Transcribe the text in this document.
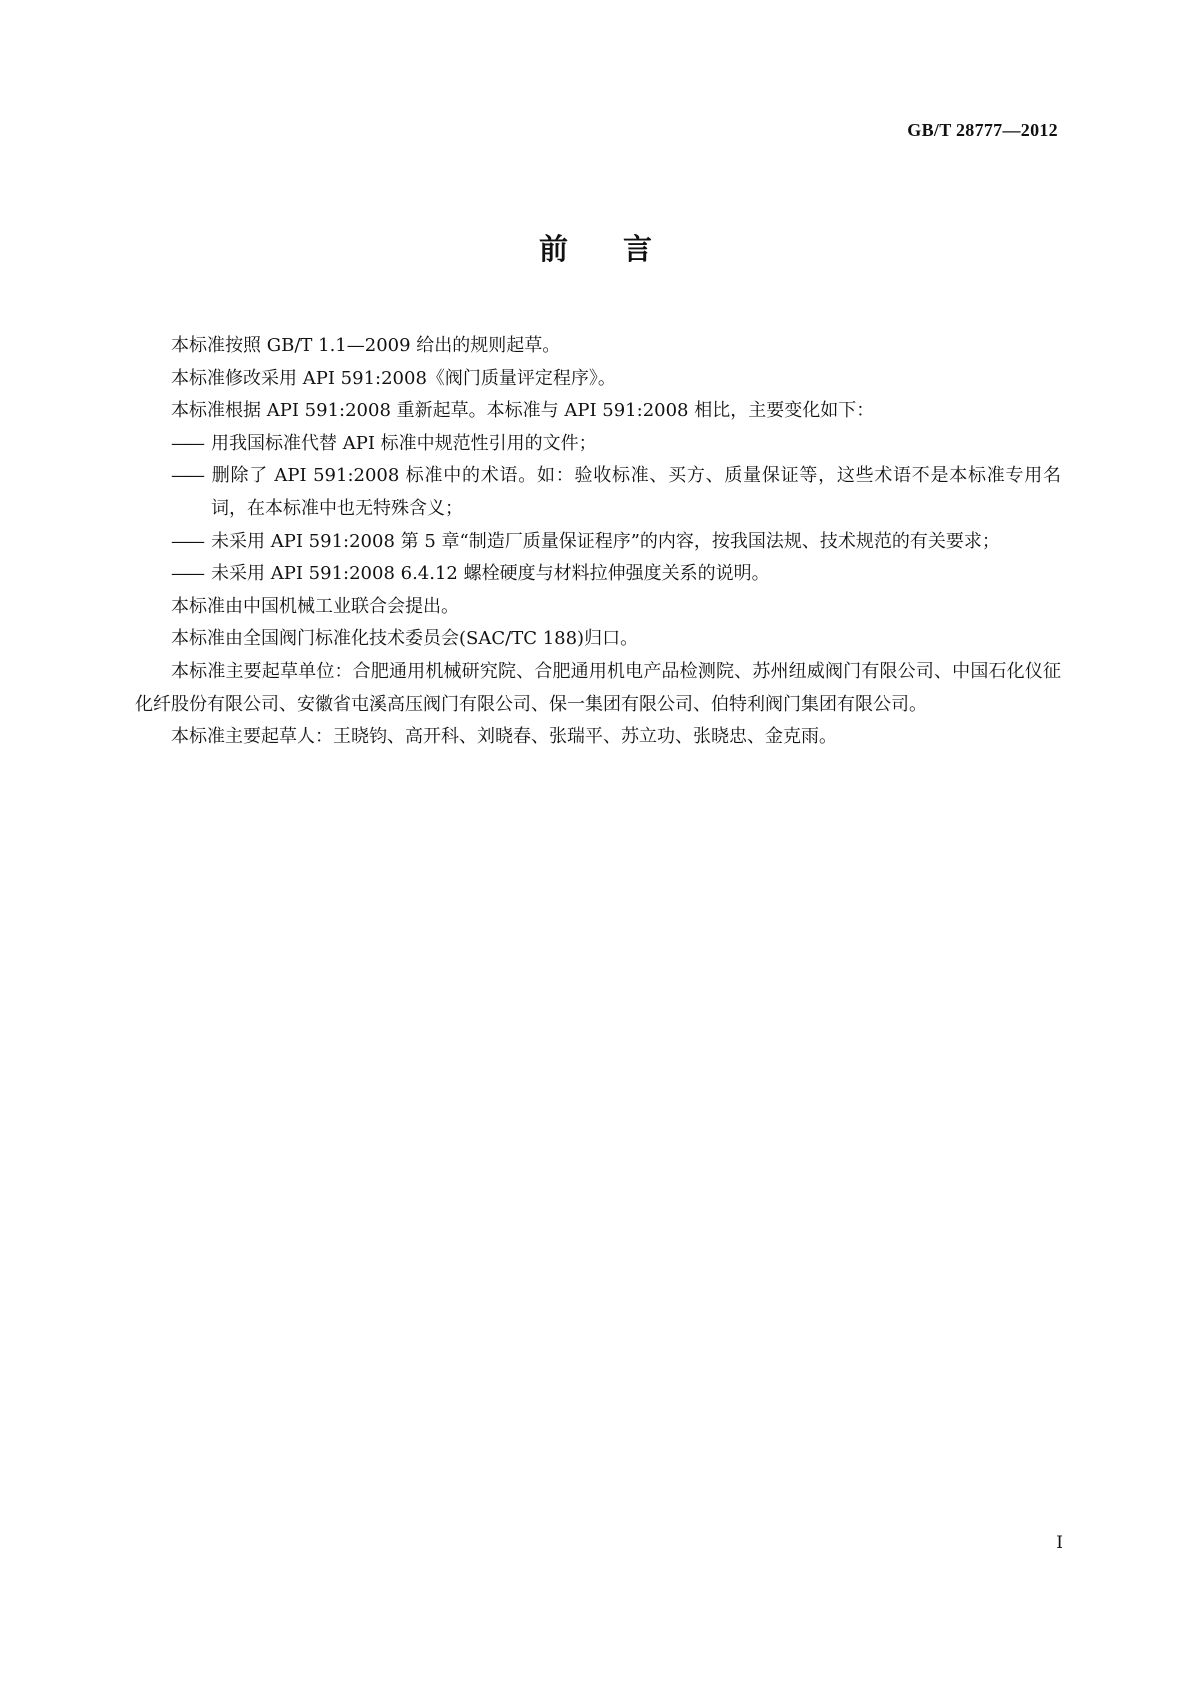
GB/T 28777—2012
前言

本标准按照 GB/T 1.1—2009 给出的规则起草。

本标准修改采用 API 591:2008《阀门质量评定程序》。

本标准根据 API 591:2008 重新起草。本标准与 API 591:2008 相比，主要变化如下：

—— 用我国标准代替 API 标准中规范性引用的文件；

—— 删除了 API 591:2008 标准中的术语。如：验收标准、买方、质量保证等，这些术语不是本标准专用名词，在本标准中也无特殊含义；

—— 未采用 API 591:2008 第 5 章“制造厂质量保证程序”的内容，按我国法规、技术规范的有关要求；

—— 未采用 API 591:2008 6.4.12 螺栓硬度与材料拉伸强度关系的说明。

本标准由中国机械工业联合会提出。

本标准由全国阀门标准化技术委员会(SAC/TC 188)归口。

本标准主要起草单位：合肥通用机械研究院、合肥通用机电产品检测院、苏州纽威阀门有限公司、中国石化仪征化纤股份有限公司、安徽省屯溪高压阀门有限公司、保一集团有限公司、伯特利阀门集团有限公司。

本标准主要起草人：王晓钧、高开科、刘晓春、张瑞平、苏立功、张晓忠、金克雨。

I
